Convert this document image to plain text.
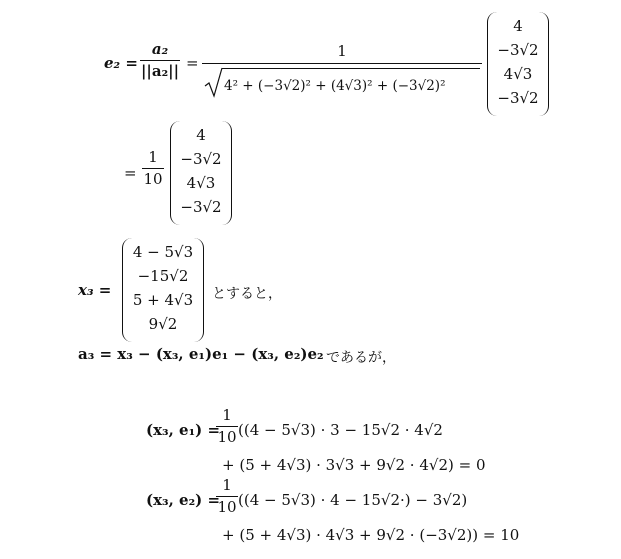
e₂ =
a₂
||a₂|| =
1
4² + (−3√2)² + (4√3)² + (−3√2)²
4
−3√2
4√3
−3√2
=
1
10
4
−3√2
4√3
−3√2
x₃ =
4 − 5√3
−15√2
5 + 4√3
9√2
とすると，
a₃ = x₃ − (x₃, e₁)e₁ − (x₃, e₂)e₂ であるが，
(x₃, e₁) =
1
10 ((4 − 5√3) · 3 − 15√2 · 4√2
+ (5 + 4√3) · 3√3 + 9√2 · 4√2) = 0
(x₃, e₂) =
1
10 ((4 − 5√3) · 4 − 15√2·) − 3√2)
+ (5 + 4√3) · 4√3 + 9√2 · (−3√2)) = 10
